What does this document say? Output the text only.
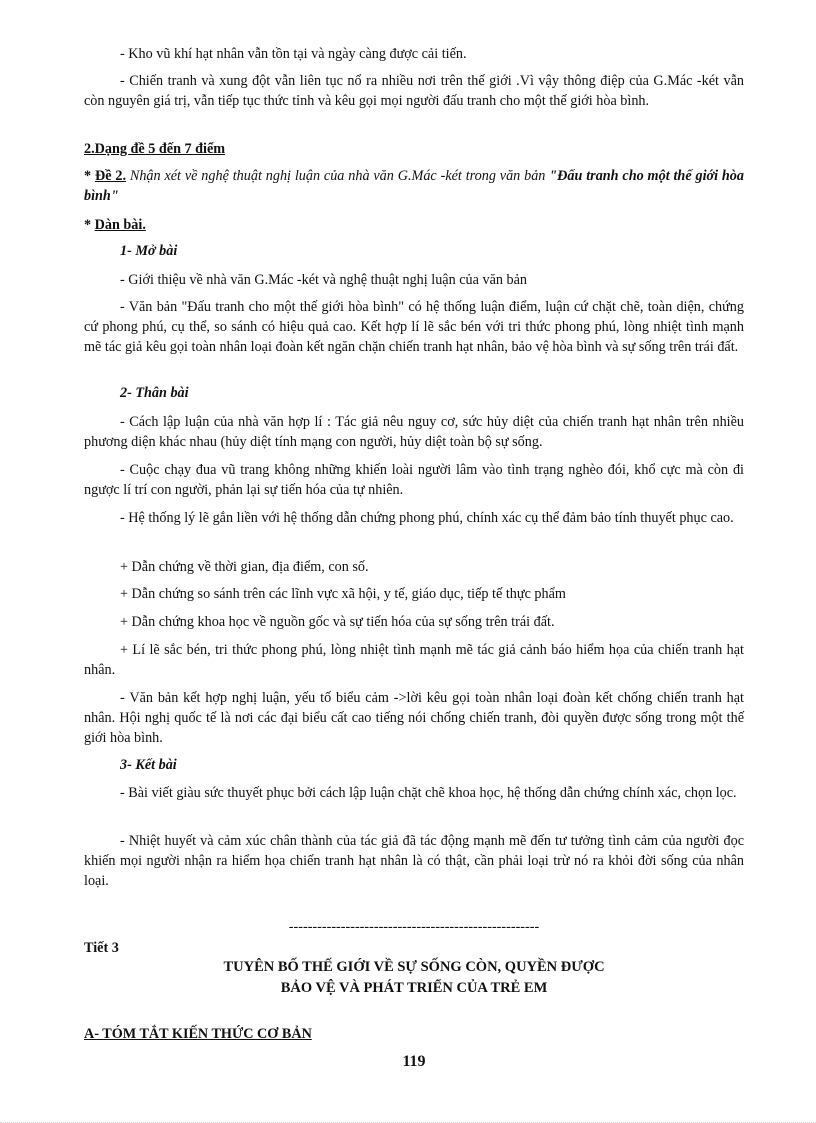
- Kho vũ khí hạt nhân vẫn tồn tại và ngày càng được cải tiến.

- Chiến tranh và xung đột vẫn liên tục nổ ra nhiều nơi trên thế giới .Vì vậy thông điệp của G.Mác -két vẫn còn nguyên giá trị, vẫn tiếp tục thức tỉnh và kêu gọi mọi người đấu tranh cho một thế giới hòa bình.

2.Dạng đề 5 đến 7 điểm

* Đề 2. Nhận xét về nghệ thuật nghị luận của nhà văn G.Mác -két trong văn bản "Đấu tranh cho một thế giới hòa bình"

* Dàn bài.

1- Mở bài

- Giới thiệu về nhà văn G.Mác -két và nghệ thuật nghị luận của văn bản

- Văn bản "Đấu tranh cho một thế giới hòa bình" có hệ thống luận điểm, luận cứ chặt chẽ, toàn diện, chứng cứ phong phú, cụ thể, so sánh có hiệu quả cao. Kết hợp lí lẽ sắc bén với tri thức phong phú, lòng nhiệt tình mạnh mẽ tác giả kêu gọi toàn nhân loại đoàn kết ngăn chặn chiến tranh hạt nhân, bảo vệ hòa bình và sự sống trên trái đất.

2- Thân bài

- Cách lập luận của nhà văn hợp lí : Tác giả nêu nguy cơ, sức hủy diệt của chiến tranh hạt nhân trên nhiều phương diện khác nhau (hủy diệt tính mạng con người, hủy diệt toàn bộ sự sống.

- Cuộc chạy đua vũ trang không những khiến loài người lâm vào tình trạng nghèo đói, khổ cực mà còn đi ngược lí trí con người, phản lại sự tiến hóa của tự nhiên.

- Hệ thống lý lẽ gắn liền với hệ thống dẫn chứng phong phú, chính xác cụ thể đảm bảo tính thuyết phục cao.

+ Dẫn chứng về thời gian, địa điểm, con số.

+ Dẫn chứng so sánh trên các lĩnh vực xã hội, y tế, giáo dục, tiếp tế thực phẩm

+ Dẫn chứng khoa học về nguồn gốc và sự tiến hóa của sự sống trên trái đất.

+ Lí lẽ sắc bén, tri thức phong phú, lòng nhiệt tình mạnh mẽ tác giả cảnh báo hiểm họa của chiến tranh hạt nhân.

- Văn bản kết hợp nghị luận, yếu tố biểu cảm ->lời kêu gọi toàn nhân loại đoàn kết chống chiến tranh hạt nhân. Hội nghị quốc tế là nơi các đại biểu cất cao tiếng nói chống chiến tranh, đòi quyền được sống trong một thế giới hòa bình.

3- Kết bài

- Bài viết giàu sức thuyết phục bởi cách lập luận chặt chẽ khoa học, hệ thống dẫn chứng chính xác, chọn lọc.

- Nhiệt huyết và cảm xúc chân thành của tác giả đã tác động mạnh mẽ đến tư tưởng tình cảm của người đọc khiến mọi người nhận ra hiểm họa chiến tranh hạt nhân là có thật, cần phải loại trừ nó ra khỏi đời sống của nhân loại.

-----------------------------------------------------

Tiết 3

TUYÊN BỐ THẾ GIỚI VỀ SỰ SỐNG CÒN, QUYỀN ĐƯỢC

BẢO VỆ VÀ PHÁT TRIỂN CỦA TRẺ EM

A- TÓM TẮT KIẾN THỨC CƠ BẢN

119
